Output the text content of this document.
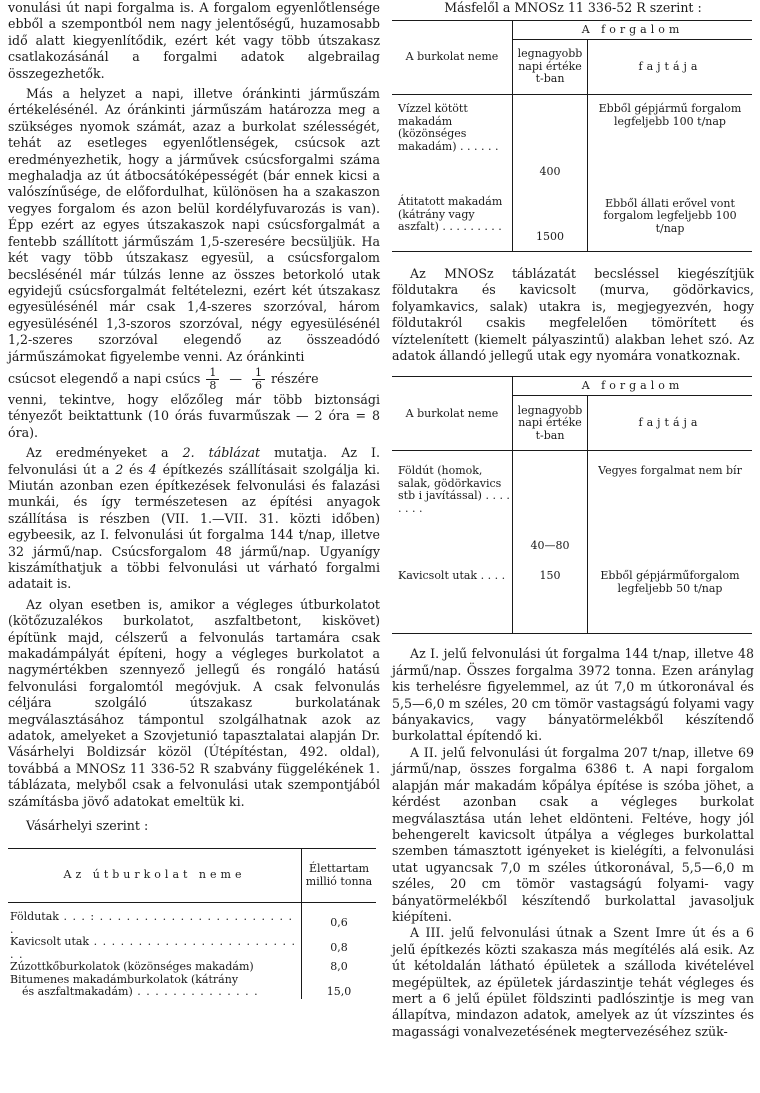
vonulási út napi forgalma is. A forgalom egyenlőtlensége ebből a szempontból nem nagy jelentőségű, huzamosabb idő alatt kiegyenlítődik, ezért két vagy több útszakasz csatlakozásánál a forgalmi adatok algebrailag összegezhetők.

Más a helyzet a napi, illetve óránkinti járműszám értékelésénél. Az óránkinti járműszám határozza meg a szükséges nyomok számát, azaz a burkolat szélességét, tehát az esetleges egyenlőtlenségek, csúcsok azt eredményezhetik, hogy a járművek csúcsforgalmi száma meghaladja az út átbocsátóképességét (bár ennek kicsi a valószínűsége, de előfordulhat, különösen ha a szakaszon vegyes forgalom és azon belül kordélyfuvarozás is van). Épp ezért az egyes útszakaszok napi csúcsforgalmát a fentebb szállított járműszám 1,5-szeresére becsüljük. Ha két vagy több útszakasz egyesül, a csúcsforgalom becslésénél már túlzás lenne az összes betorkoló utak egyidejű csúcsforgalmát feltételezni, ezért két útszakasz egyesülésénél már csak 1,4-szeres szorzóval, három egyesülésénél 1,3-szoros szorzóval, négy egyesülésénél 1,2-szeres szorzóval elegendő az összeadódó járműszámokat figyelembe venni. Az óránkinti

csúcsot elegendő a napi csúcs $\frac{1}{8}$ — $\frac{1}{6}$ részére

venni, tekintve, hogy előzőleg már több biztonsági tényezőt beiktattunk (10 órás fuvarműszak — 2 óra = 8 óra).

Az eredményeket a 2. táblázat mutatja. Az I. felvonulási út a 2 és 4 építkezés szállításait szolgálja ki. Miután azonban ezen építkezések felvonulási és falazási munkái, és így természetesen az építési anyagok szállítása is részben (VII. 1.—VII. 31. közti időben) egybeesik, az I. felvonulási út forgalma 144 t/nap, illetve 32 jármű/nap. Csúcsforgalom 48 jármű/nap. Ugyanígy kiszámíthatjuk a többi felvonulási ut várható forgalmi adatait is.

Az olyan esetben is, amikor a végleges útburkolatot (kötőzuzalékos burkolatot, aszfaltbetont, kiskövet) építünk majd, célszerű a felvonulás tartamára csak makadámpályát építeni, hogy a végleges burkolatot a nagymértékben szennyező jellegű és rongáló hatású felvonulási forgalomtól megóvjuk. A csak felvonulás céljára szolgáló útszakasz burkolatának megválasztásához támpontul szolgálhatnak azok az adatok, amelyeket a Szovjetunió tapasztalatai alapján Dr. Vásárhelyi Boldizsár közöl (Útépítéstan, 492. oldal), továbbá a MNOSz 11 336-52 R szabvány függelékének 1. táblázata, melyből csak a felvonulási utak szempontjából számításba jövő adatokat emeltük ki.

Vásárhelyi szerint :

Az útburkolat neme	Élettartam millió tonna

Földutak . . . : . . . . . . . . . . . . . . . . . . . . . . .	0,6
Kavicsolt utak . . . . . . . . . . . . . . . . . . . . . . . . .	0,8
Zúzottkőburkolatok (közönséges makadám)	8,0
Bitumenes makadámburkolatok (kátrány	
és aszfaltmakadám) . . . . . . . . . . . . . .	15,0

Másfelől a MNOSz 11 336-52 R szerint :

A burkolat neme	A forgalom	
	legnagyobb napi értéke t-ban	fajtája
Vízzel kötött makadám (közönséges makadám) . . . . . .	400	Ebből gépjármű forgalom legfeljebb 100 t/nap
Átitatott makadám (kátrány vagy aszfalt) . . . . . . . . .	1500	Ebből állati erővel vont forgalom legfeljebb 100 t/nap

Az MNOSz táblázatát becsléssel kiegészítjük földutakra és kavicsolt (murva, gödörkavics, folyamkavics, salak) utakra is, megjegyezvén, hogy földutakról csakis megfelelően tömörített és víztelenített (kiemelt pályaszintű) alakban lehet szó. Az adatok állandó jellegű utak egy nyomára vonatkoznak.

A burkolat neme	A forgalom	
	legnagyobb napi értéke t-ban	fajtája
Földút (homok, salak, gödörkavics stb i javítással) . . . . . . . .	40—80	Vegyes forgalmat nem bír
Kavicsolt utak . . . .	150	Ebből gépjárműforgalom legfeljebb 50 t/nap

Az I. jelű felvonulási út forgalma 144 t/nap, illetve 48 jármű/nap. Összes forgalma 3972 tonna. Ezen aránylag kis terhelésre figyelemmel, az út 7,0 m útkoronával és 5,5—6,0 m széles, 20 cm tömör vastagságú folyami vagy bányakavics, vagy bányatörmelékből készítendő burkolattal építendő ki.

A II. jelű felvonulási út forgalma 207 t/nap, illetve 69 jármű/nap, összes forgalma 6386 t. A napi forgalom alapján már makadám kőpálya építése is szóba jöhet, a kérdést azonban csak a végleges burkolat megválasztása után lehet eldönteni. Feltéve, hogy jól behengerelt kavicsolt útpálya a végleges burkolattal szemben támasztott igényeket is kielégíti, a felvonulási utat ugyancsak 7,0 m széles útkoronával, 5,5—6,0 m széles, 20 cm tömör vastagságú folyami- vagy bányatörmelékből készítendő burkolattal javasoljuk kiépíteni.

A III. jelű felvonulási útnak a Szent Imre út és a 6 jelű építkezés közti szakasza más megítélés alá esik. Az út kétoldalán látható épületek a szálloda kivételével megépültek, az épületek járdaszintje tehát végleges és mert a 6 jelű épület földszinti padlószintje is meg van állapítva, mindazon adatok, amelyek az út vízszintes és magassági vonalvezetésének megtervezéséhez szük-
